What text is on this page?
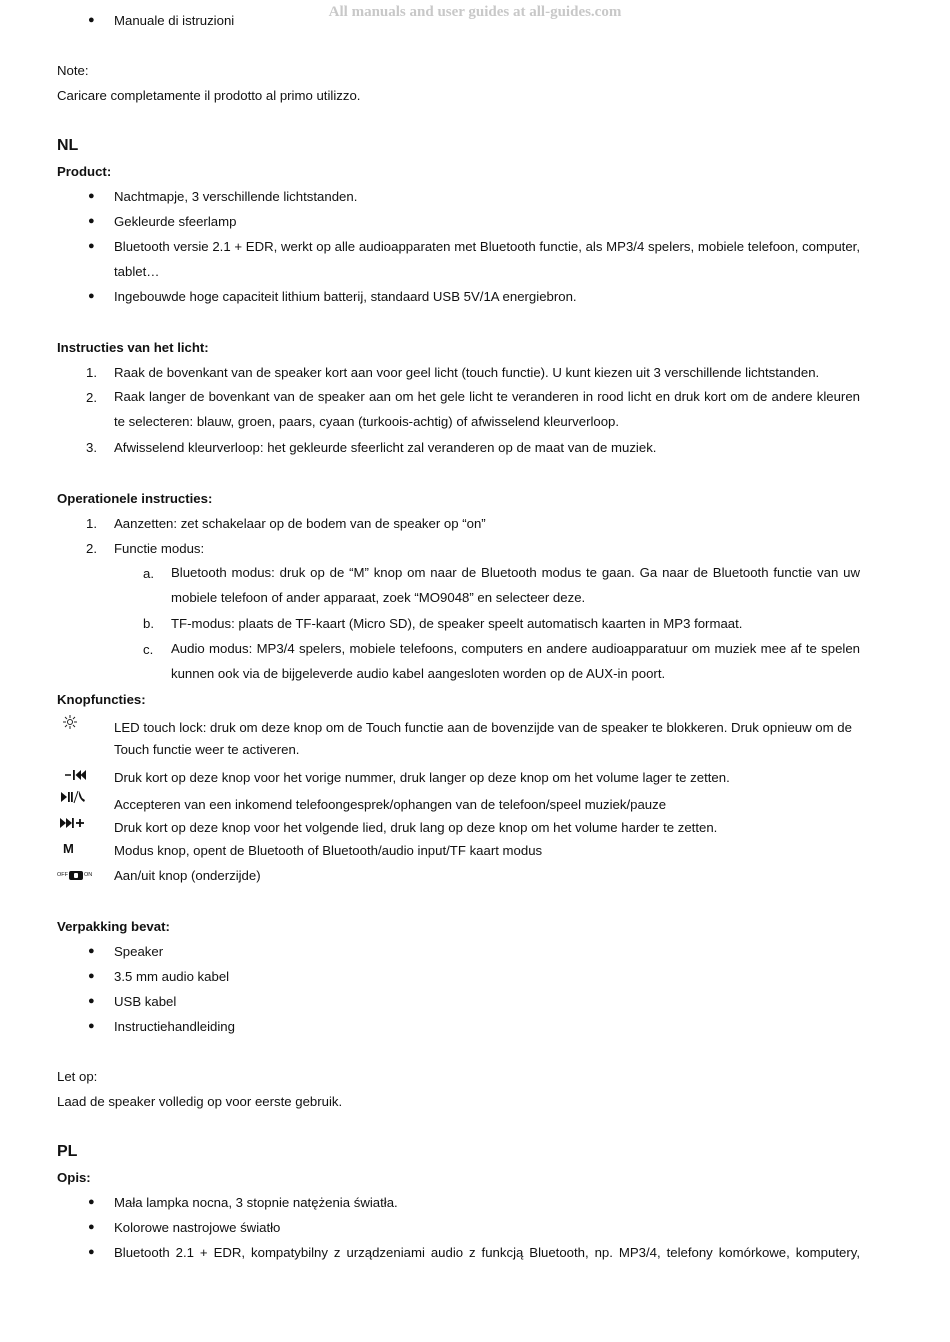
All manuals and user guides at all-guides.com
● Manuale di istruzioni
Note:
Caricare completamente il prodotto al primo utilizzo.
NL
Product:
● Nachtmapje, 3 verschillende lichtstanden.
● Gekleurde sfeerlamp
● Bluetooth versie 2.1 + EDR, werkt op alle audioapparaten met Bluetooth functie, als MP3/4 spelers, mobiele telefoon, computer, tablet…
● Ingebouwde hoge capaciteit lithium batterij, standaard USB 5V/1A energiebron.
Instructies van het licht:
1. Raak de bovenkant van de speaker kort aan voor geel licht (touch functie). U kunt kiezen uit 3 verschillende lichtstanden.
2. Raak langer de bovenkant van de speaker aan om het gele licht te veranderen in rood licht en druk kort om de andere kleuren te selecteren: blauw, groen, paars, cyaan (turkoois-achtig) of afwisselend kleurverloop.
3. Afwisselend kleurverloop: het gekleurde sfeerlicht zal veranderen op de maat van de muziek.
Operationele instructies:
1. Aanzetten: zet schakelaar op de bodem van de speaker op “on”
2. Functie modus:
a. Bluetooth modus: druk op de “M” knop om naar de Bluetooth modus te gaan. Ga naar de Bluetooth functie van uw mobiele telefoon of ander apparaat, zoek “MO9048” en selecteer deze.
b. TF-modus: plaats de TF-kaart (Micro SD), de speaker speelt automatisch kaarten in MP3 formaat.
c. Audio modus: MP3/4 spelers, mobiele telefoons, computers en andere audioapparatuur om muziek mee af te spelen kunnen ook via de bijgeleverde audio kabel aangesloten worden op de AUX-in poort.
Knopfuncties:
LED touch lock: druk om deze knop om de Touch functie aan de bovenzijde van de speaker te blokkeren. Druk opnieuw om de Touch functie weer te activeren.
Druk kort op deze knop voor het vorige nummer, druk langer op deze knop om het volume lager te zetten.
Accepteren van een inkomend telefoongesprek/ophangen van de telefoon/speel muziek/pauze
Druk kort op deze knop voor het volgende lied, druk lang op deze knop om het volume harder te zetten.
M	Modus knop, opent de Bluetooth of Bluetooth/audio input/TF kaart modus
OFF	ON Aan/uit knop (onderzijde)
Verpakking bevat:
● Speaker
● 3.5 mm audio kabel
● USB kabel
● Instructiehandleiding
Let op:
Laad de speaker volledig op voor eerste gebruik.
PL
Opis:
● Mała lampka nocna, 3 stopnie natężenia światła.
● Kolorowe nastrojowe światło
● Bluetooth 2.1 + EDR, kompatybilny z urządzeniami audio z funkcją Bluetooth, np. MP3/4, telefony komórkowe, komputery,
